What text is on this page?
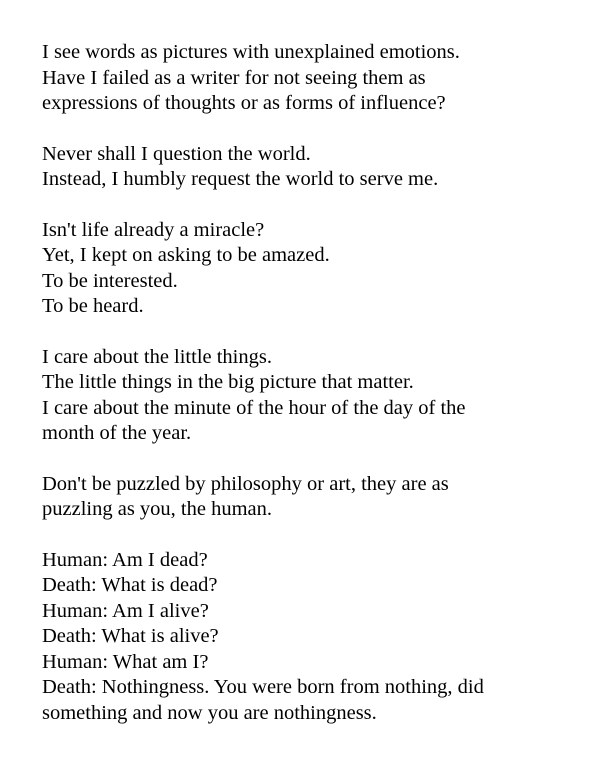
I see words as pictures with unexplained emotions.
Have I failed as a writer for not seeing them as
expressions of thoughts or as forms of influence?
Never shall I question the world.
Instead, I humbly request the world to serve me.
Isn't life already a miracle?
Yet, I kept on asking to be amazed.
To be interested.
To be heard.
I care about the little things.
The little things in the big picture that matter.
I care about the minute of the hour of the day of the
month of the year.
Don't be puzzled by philosophy or art, they are as
puzzling as you, the human.
Human: Am I dead?
Death: What is dead?
Human: Am I alive?
Death: What is alive?
Human: What am I?
Death: Nothingness. You were born from nothing, did
something and now you are nothingness.
